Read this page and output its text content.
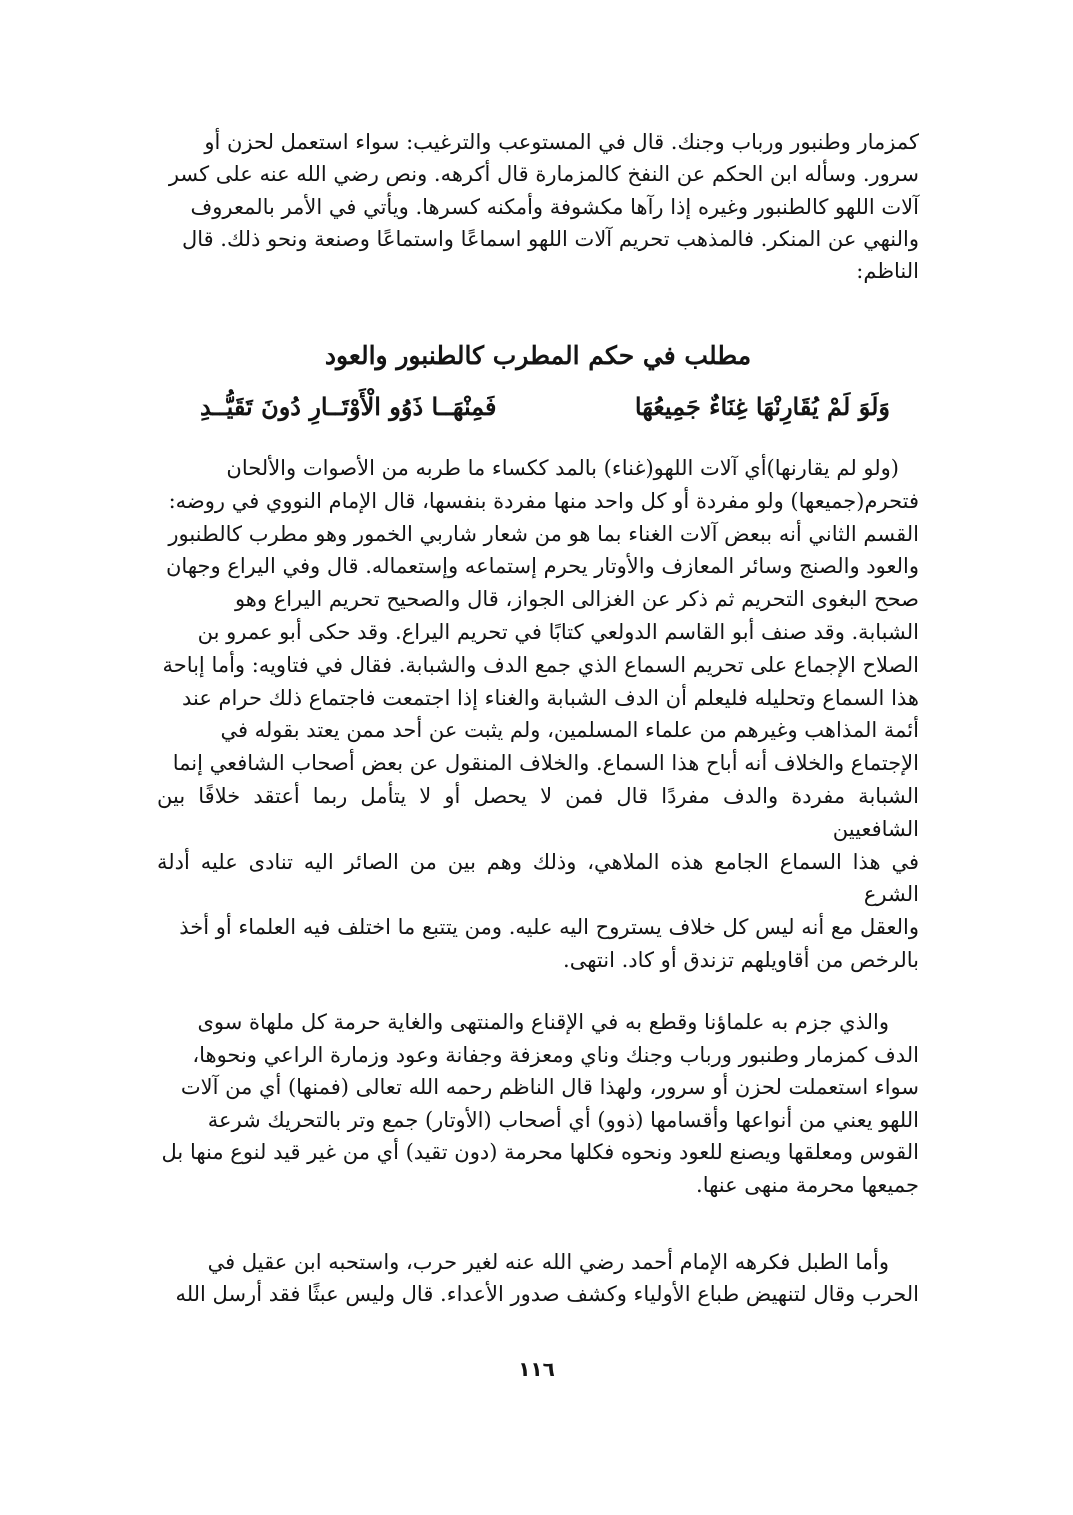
كمزمار وطنبور ورباب وجنك. قال في المستوعب والترغيب: سواء استعمل لحزن أو

سرور. وسأله ابن الحكم عن النفخ كالمزمارة قال أكرهه. ونص رضي الله عنه على كسر

آلات اللهو كالطنبور وغيره إذا رآها مكشوفة وأمكنه كسرها. ويأتي في الأمر بالمعروف

والنهي عن المنكر. فالمذهب تحريم آلات اللهو اسماعًا واستماعًا وصنعة ونحو ذلك. قال

الناظم:

مطلب في حكم المطرب كالطنبور والعود
وَلَوَ لَمْ يُقَارِنْهَا غِنَاءٌ جَمِيعُهَا
فَمِنْهَــا ذَوُو الْأَوْتَــارِ دُونَ تَقَيُّــدِ

(ولو لم يقارنها)أي آلات اللهو(غناء) بالمد ككساء ما طربه من الأصوات والألحان

فتحرم(جميعها) ولو مفردة أو كل واحد منها مفردة بنفسها، قال الإمام النووي في روضه:

القسم الثاني أنه ببعض آلات الغناء بما هو من شعار شاربي الخمور وهو مطرب كالطنبور

والعود والصنج وسائر المعازف والأوتار يحرم إستماعه وإستعماله. قال وفي اليراع وجهان

صحح البغوى التحريم ثم ذكر عن الغزالى الجواز، قال والصحيح تحريم اليراع وهو

الشبابة. وقد صنف أبو القاسم الدولعي كتابًا في تحريم اليراع. وقد حكى أبو عمرو بن

الصلاح الإجماع على تحريم السماع الذي جمع الدف والشبابة. فقال في فتاويه: وأما إباحة

هذا السماع وتحليله فليعلم أن الدف الشبابة والغناء إذا اجتمعت فاجتماع ذلك حرام عند

أئمة المذاهب وغيرهم من علماء المسلمين، ولم يثبت عن أحد ممن يعتد بقوله في

الإجتماع والخلاف أنه أباح هذا السماع. والخلاف المنقول عن بعض أصحاب الشافعي إنما

الشبابة مفردة والدف مفردًا قال فمن لا يحصل أو لا يتأمل ربما أعتقد خلافًا بين الشافعيين

في هذا السماع الجامع هذه الملاهي، وذلك وهم بين من الصائر اليه تنادى عليه أدلة الشرع

والعقل مع أنه ليس كل خلاف يستروح اليه عليه. ومن يتتبع ما اختلف فيه العلماء أو أخذ

بالرخص من أقاويلهم تزندق أو كاد. انتهى.

والذي جزم به علماؤنا وقطع به في الإقناع والمنتهى والغاية حرمة كل ملهاة سوى

الدف كمزمار وطنبور ورباب وجنك وناي ومعزفة وجفانة وعود وزمارة الراعي ونحوها،

سواء استعملت لحزن أو سرور، ولهذا قال الناظم رحمه الله تعالى (فمنها) أي من آلات

اللهو يعني من أنواعها وأقسامها (ذوو) أي أصحاب (الأوتار) جمع وتر بالتحريك شرعة

القوس ومعلقها ويصنع للعود ونحوه فكلها محرمة (دون تقيد) أي من غير قيد لنوع منها بل

جميعها محرمة منهى عنها.

وأما الطبل فكرهه الإمام أحمد رضي الله عنه لغير حرب، واستحبه ابن عقيل في

الحرب وقال لتنهيض طباع الأولياء وكشف صدور الأعداء. قال وليس عبثًا فقد أرسل الله

١١٦
